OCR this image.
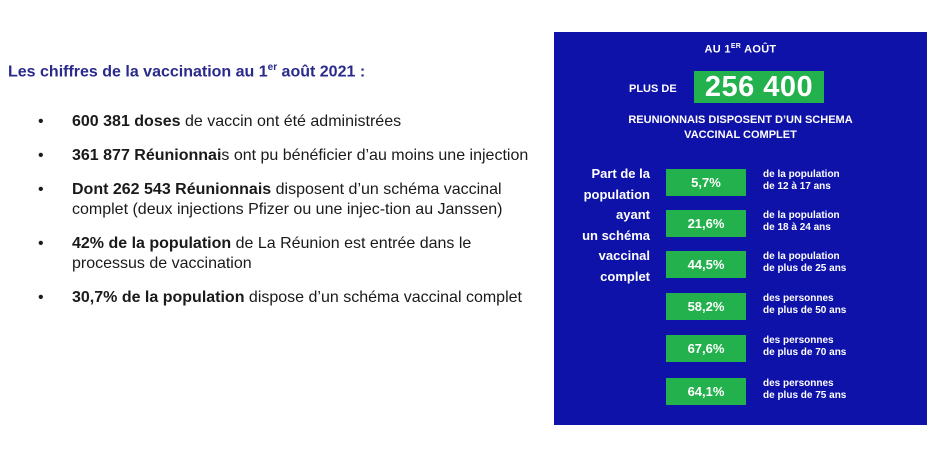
Les chiffres de la vaccination au 1er août 2021 :
• 600 381 doses de vaccin ont été administrées
• 361 877 Réunionnais ont pu bénéficier d’au moins une injection
• Dont 262 543 Réunionnais disposent d’un schéma vaccinal complet (deux injections Pfizer ou une injec-tion au Janssen)
• 42% de la population de La Réunion est entrée dans le processus de vaccination
• 30,7% de la population dispose d’un schéma vaccinal complet
AU 1ER AOÛT
PLUS DE 256 400
REUNIONNAIS DISPOSENT D’UN SCHEMA
VACCINAL COMPLET
Part de la
population
ayant
un schéma
vaccinal
complet
5,7%
de la population
de 12 à 17 ans
21,6%
de la population
de 18 à 24 ans
44,5%
de la population
de plus de 25 ans
58,2%
des personnes
de plus de 50 ans
67,6%
des personnes
de plus de 70 ans
64,1%
des personnes
de plus de 75 ans
